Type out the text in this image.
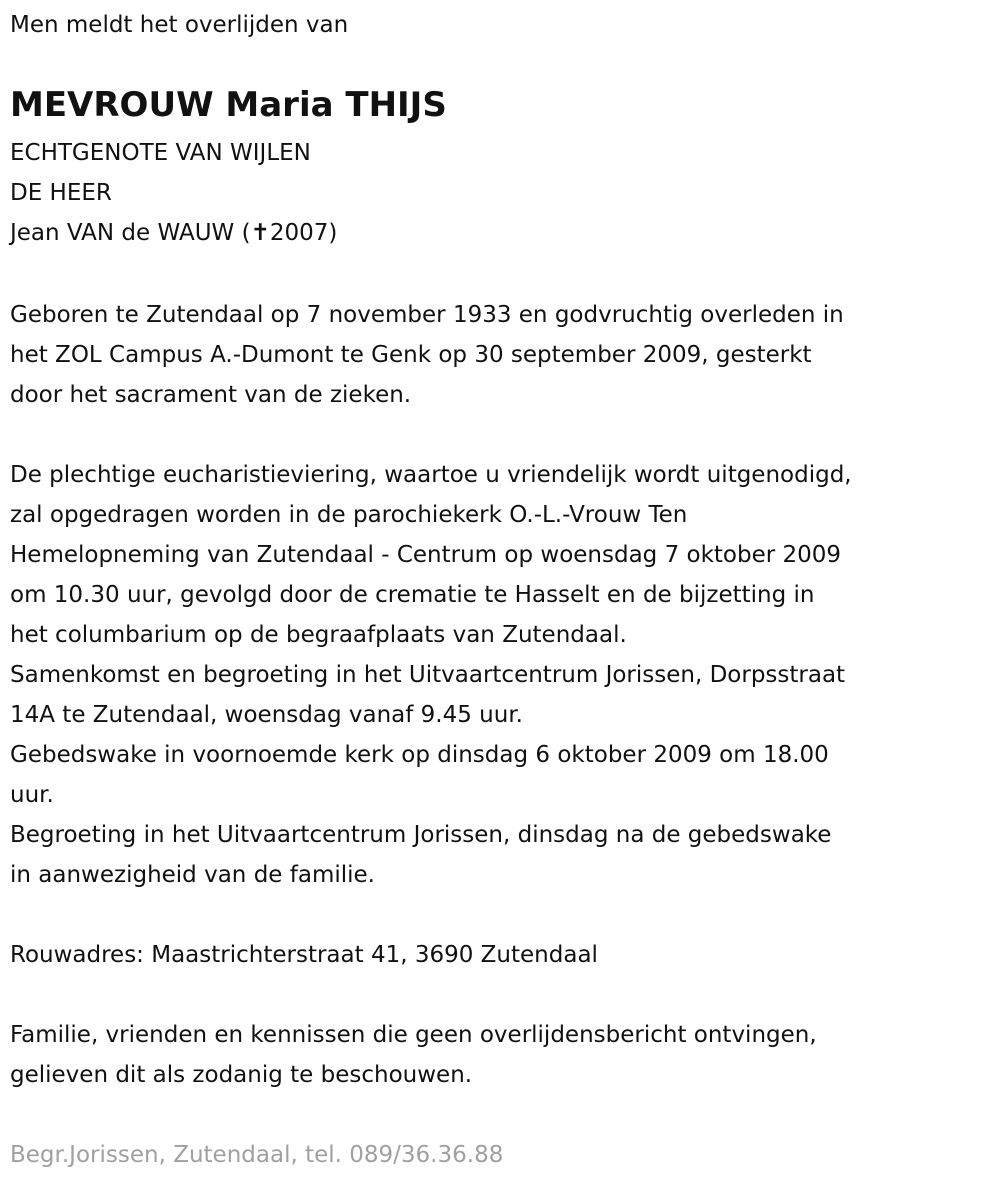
Men meldt het overlijden van
MEVROUW Maria THIJS
ECHTGENOTE VAN WIJLEN
DE HEER
Jean VAN de WAUW (✝2007)
Geboren te Zutendaal op 7 november 1933 en godvruchtig overleden in
het ZOL Campus A.-Dumont te Genk op 30 september 2009, gesterkt
door het sacrament van de zieken.
De plechtige eucharistieviering, waartoe u vriendelijk wordt uitgenodigd,
zal opgedragen worden in de parochiekerk O.-L.-Vrouw Ten
Hemelopneming van Zutendaal - Centrum op woensdag 7 oktober 2009
om 10.30 uur, gevolgd door de crematie te Hasselt en de bijzetting in
het columbarium op de begraafplaats van Zutendaal.
Samenkomst en begroeting in het Uitvaartcentrum Jorissen, Dorpsstraat
14A te Zutendaal, woensdag vanaf 9.45 uur.
Gebedswake in voornoemde kerk op dinsdag 6 oktober 2009 om 18.00
uur.
Begroeting in het Uitvaartcentrum Jorissen, dinsdag na de gebedswake
in aanwezigheid van de familie.
Rouwadres: Maastrichterstraat 41, 3690 Zutendaal
Familie, vrienden en kennissen die geen overlijdensbericht ontvingen,
gelieven dit als zodanig te beschouwen.
Begr.Jorissen, Zutendaal, tel. 089/36.36.88
